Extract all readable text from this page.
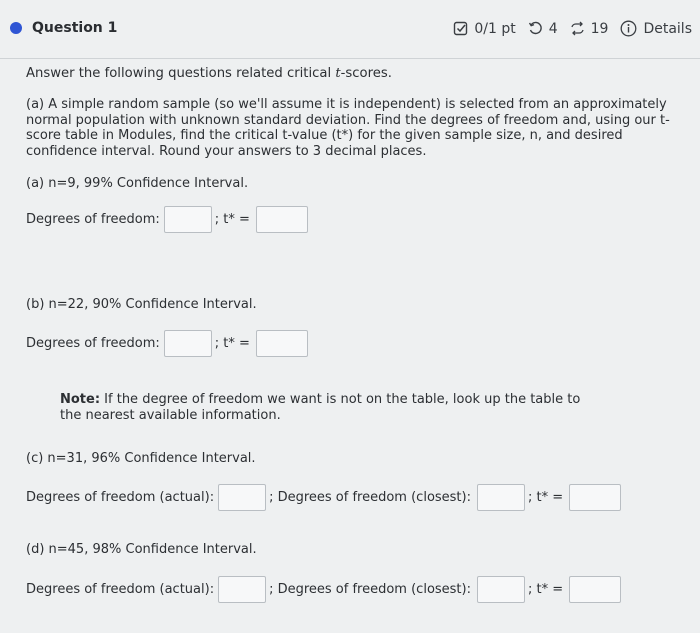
Question 1	0/1 pt 4 19	Details
Answer the following questions related critical t-scores.
(a) A simple random sample (so we'll assume it is independent) is selected from an approximately normal population with unknown standard deviation. Find the degrees of freedom and, using our t-score table in Modules, find the critical t-value (t*) for the given sample size, n, and desired confidence interval. Round your answers to 3 decimal places.
(a) n=9, 99% Confidence Interval.
Degrees of freedom:	; t* =
(b) n=22, 90% Confidence Interval.
Degrees of freedom:	; t* =
Note: If the degree of freedom we want is not on the table, look up the table to the nearest available information.
(c) n=31, 96% Confidence Interval.
Degrees of freedom (actual):	; Degrees of freedom (closest):	; t* =
(d) n=45, 98% Confidence Interval.
Degrees of freedom (actual):	; Degrees of freedom (closest):	; t* =
